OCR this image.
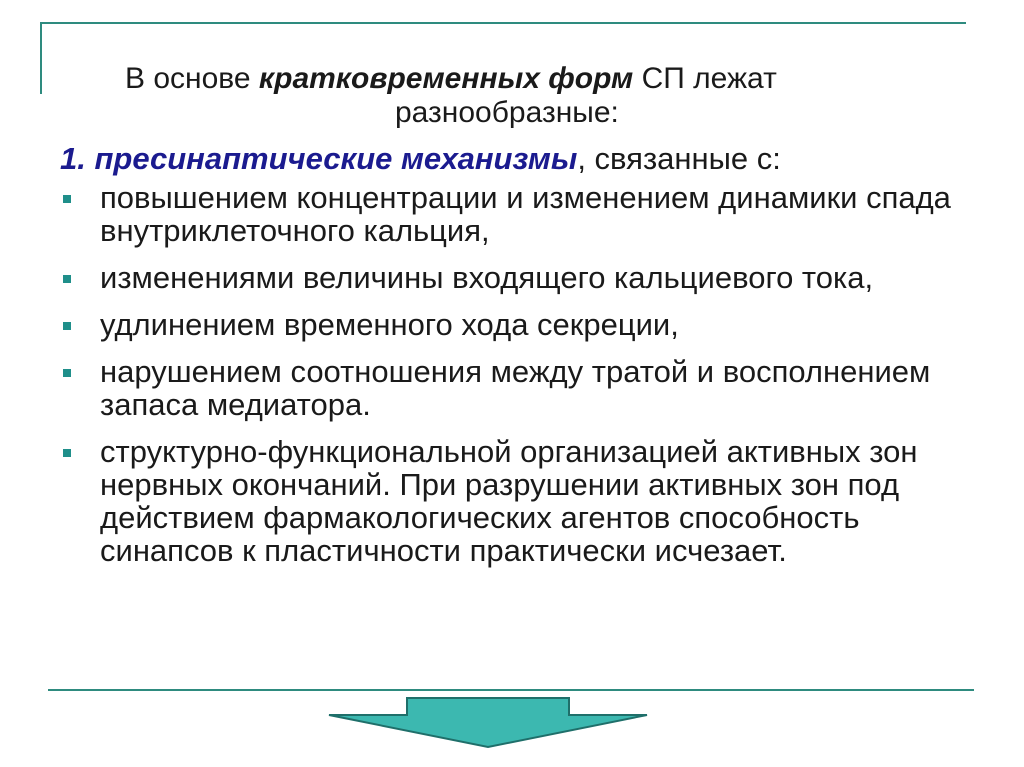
В основе кратковременных форм СП лежат
разнообразные:

1. пресинаптические механизмы, связанные с:

повышением концентрации и изменением динамики спада внутриклеточного кальция,
изменениями величины входящего кальциевого тока,
удлинением временного хода секреции,
нарушением соотношения между тратой и восполнением запаса медиатора.
структурно-функциональной организацией активных зон нервных окончаний. При разрушении активных зон под действием фармакологических агентов способность синапсов к пластичности практически исчезает.
